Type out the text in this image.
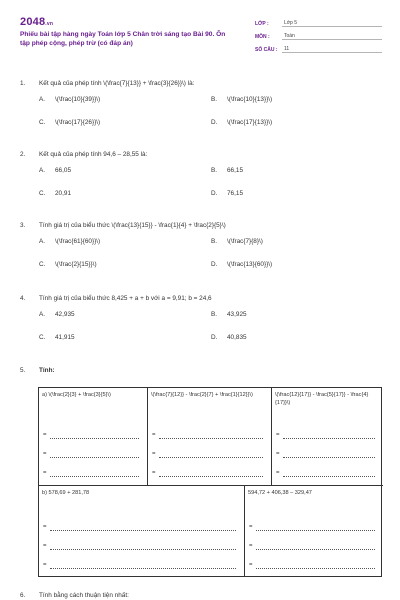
2048.vn
Phiếu bài tập hàng ngày Toán lớp 5 Chân trời sáng tạo Bài 90. Ôn tập phép cộng, phép trừ (có đáp án)
LỚP :	Lớp 5
MÔN :	Toán
SỐ CÂU :	11
1.	Kết quả của phép tính \(\frac{7}{13}} + \frac{3}{26}}\) là:
A.	\(\frac{10}{39}}\)	B.	\(\frac{10}{13}}\)
C.	\(\frac{17}{26}}\)	D.	\(\frac{17}{13}}\)
2.	Kết quả của phép tính 94,6 – 28,55 là:
A.	66,05	B.	66,15
C.	20,91	D.	76,15
3.	Tính giá trị của biểu thức \(\frac{13}{15}} - \frac{1}{4} + \frac{2}{5}\)
A.	\(\frac{61}{60}}\)	B.	\(\frac{7}{8}\)
C.	\(\frac{2}{15}}\)	D.	\(\frac{13}{60}}\)
4.	Tính giá trị của biểu thức 8,425 + a + b với a = 9,91; b = 24,6
A.	42,935	B.	43,925
C.	41,915	D.	40,835
5.	Tính:
a) \(\frac{2}{3} + \frac{3}{5}\)
=
=
=
\(\frac{7}{12}} - \frac{2}{7} + \frac{1}{12}}\)
=
=
=
\(\frac{12}{17}} - \frac{5}{17}} - \frac{4}{17}}\)
=
=
=
b) 578,69 + 281,78
=
=
=
594,72 + 406,38 – 329,47
=
=
=
6. Tính bằng cách thuận tiện nhất:
